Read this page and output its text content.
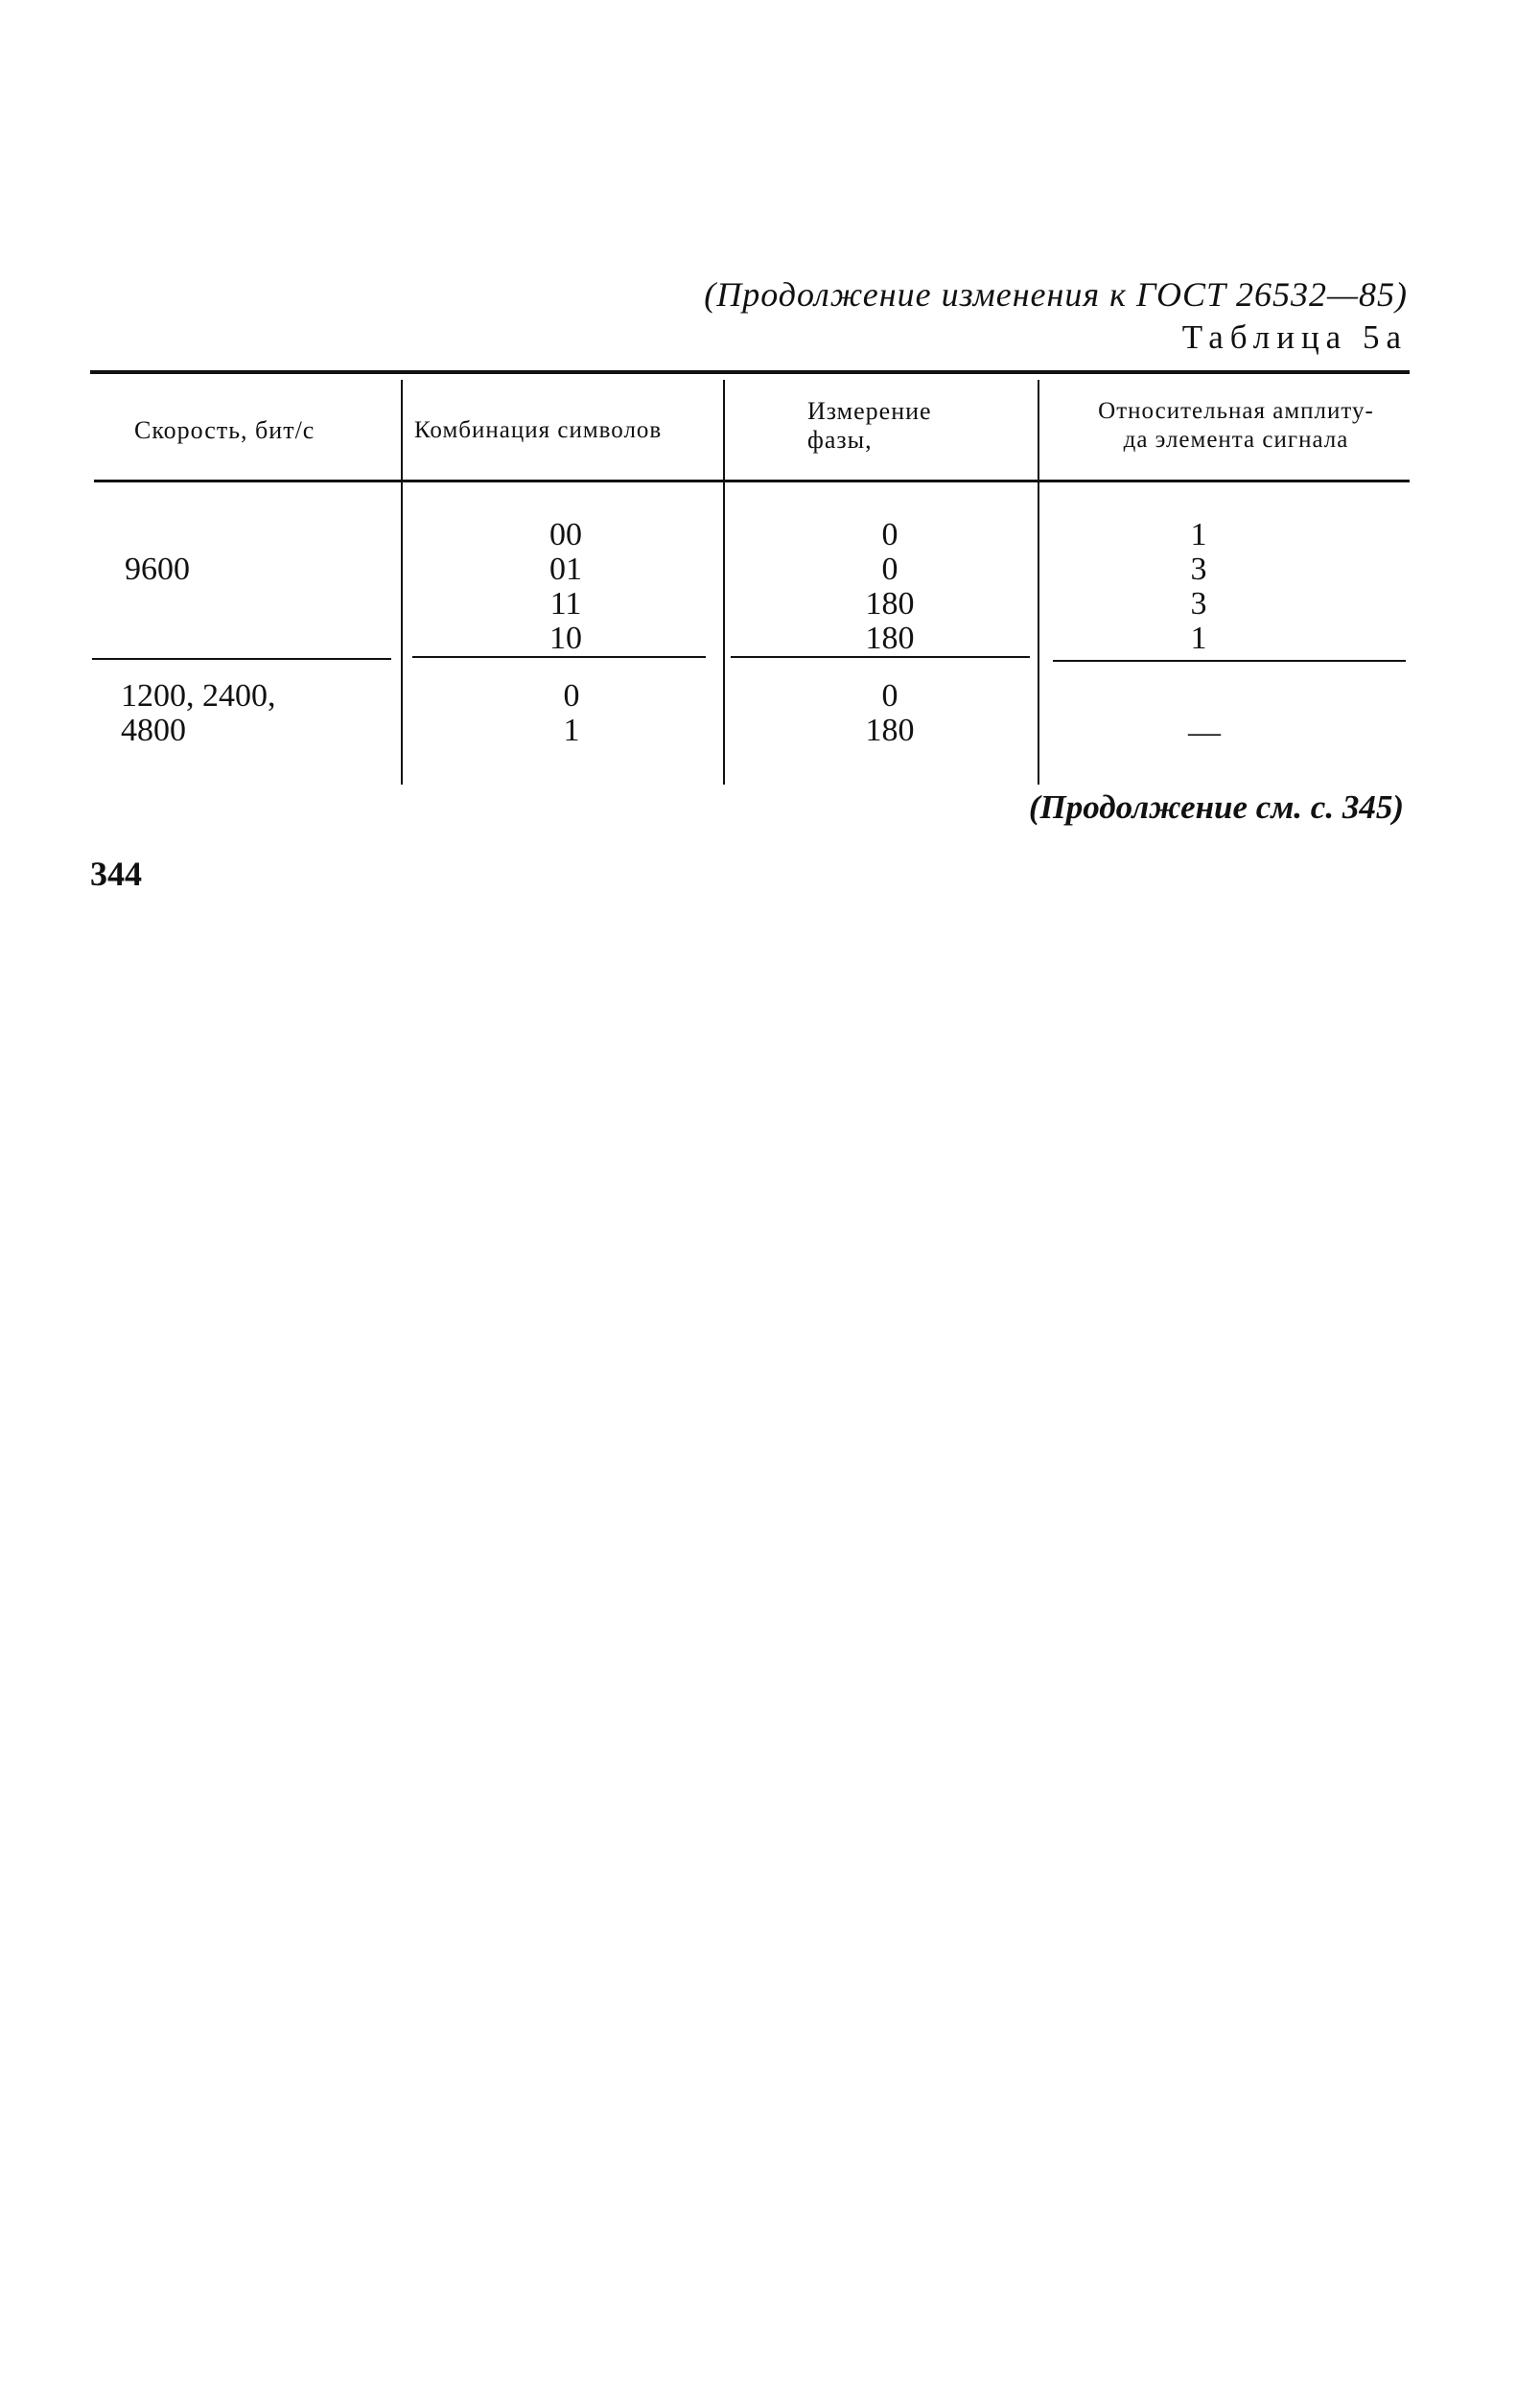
(Продолжение изменения к ГОСТ 26532—85)
Таблица 5а
Скорость, бит/с	Комбинация символов
Измерение фазы,
Относительная амплиту-
да элемента сигнала
9600
00
01
11
10
0
0
180
180
1
3
3
1
1200, 2400,
4800
0
1
0
180	—
(Продолжение см. с. 345)
344
